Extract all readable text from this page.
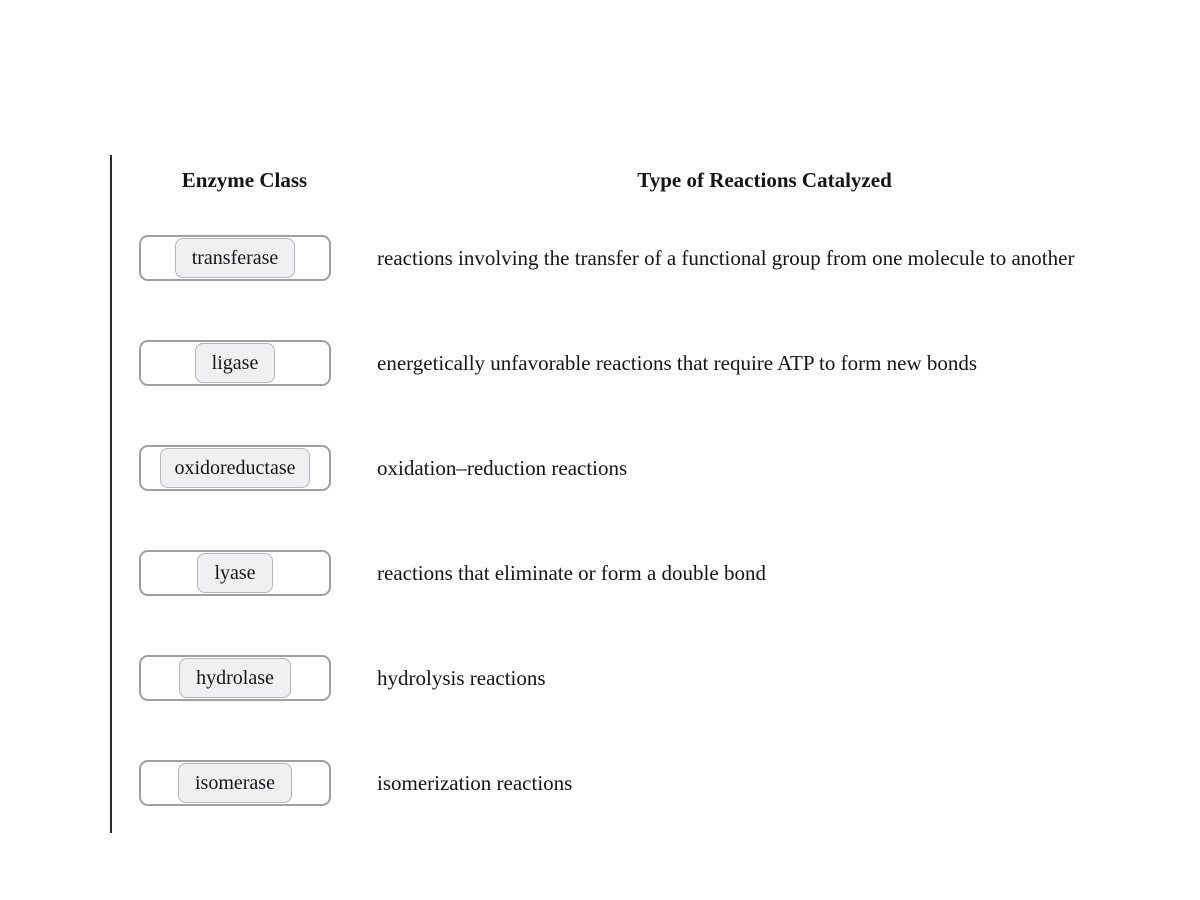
Enzyme Class	Type of Reactions Catalyzed
transferase	reactions involving the transfer of a functional group from one molecule to another
ligase	energetically unfavorable reactions that require ATP to form new bonds
oxidoreductase	oxidation–reduction reactions
lyase	reactions that eliminate or form a double bond
hydrolase	hydrolysis reactions
isomerase	isomerization reactions
